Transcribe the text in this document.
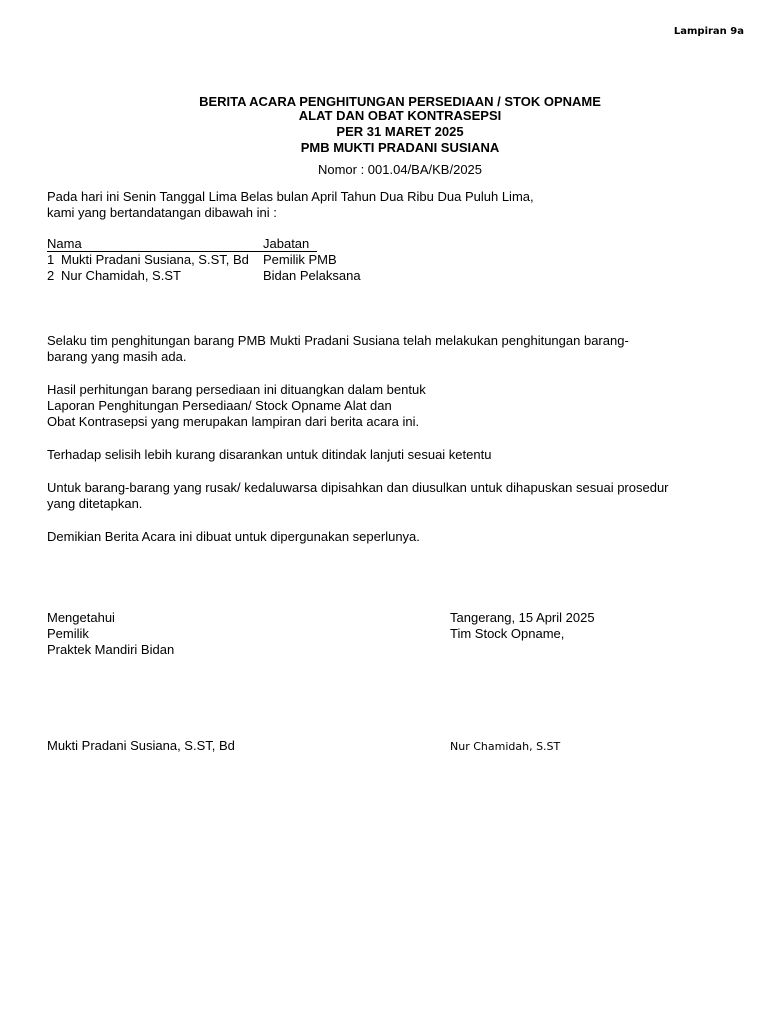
Lampiran 9a
BERITA ACARA PENGHITUNGAN PERSEDIAAN / STOK OPNAME
ALAT DAN OBAT KONTRASEPSI
PER 31 MARET 2025
PMB MUKTI PRADANI SUSIANA
Nomor : 001.04/BA/KB/2025
Pada hari ini Senin Tanggal Lima Belas bulan April Tahun Dua Ribu Dua Puluh Lima,
kami yang bertandatangan dibawah ini :
Nama	Jabatan
1 Mukti Pradani Susiana, S.ST, Bd Pemilik PMB
2 Nur Chamidah, S.ST	Bidan Pelaksana
Selaku tim penghitungan barang PMB Mukti Pradani Susiana telah melakukan penghitungan barang-
barang yang masih ada.
Hasil perhitungan barang persediaan ini dituangkan dalam bentuk
Laporan Penghitungan Persediaan/ Stock Opname Alat dan
Obat Kontrasepsi yang merupakan lampiran dari berita acara ini.
Terhadap selisih lebih kurang disarankan untuk ditindak lanjuti sesuai ketentu
Untuk barang-barang yang rusak/ kedaluwarsa dipisahkan dan diusulkan untuk dihapuskan sesuai prosedur
yang ditetapkan.
Demikian Berita Acara ini dibuat untuk dipergunakan seperlunya.
Mengetahui
Pemilik
Praktek Mandiri Bidan
Mukti Pradani Susiana, S.ST, Bd
Tangerang, 15 April 2025
Tim Stock Opname,
Nur Chamidah, S.ST
